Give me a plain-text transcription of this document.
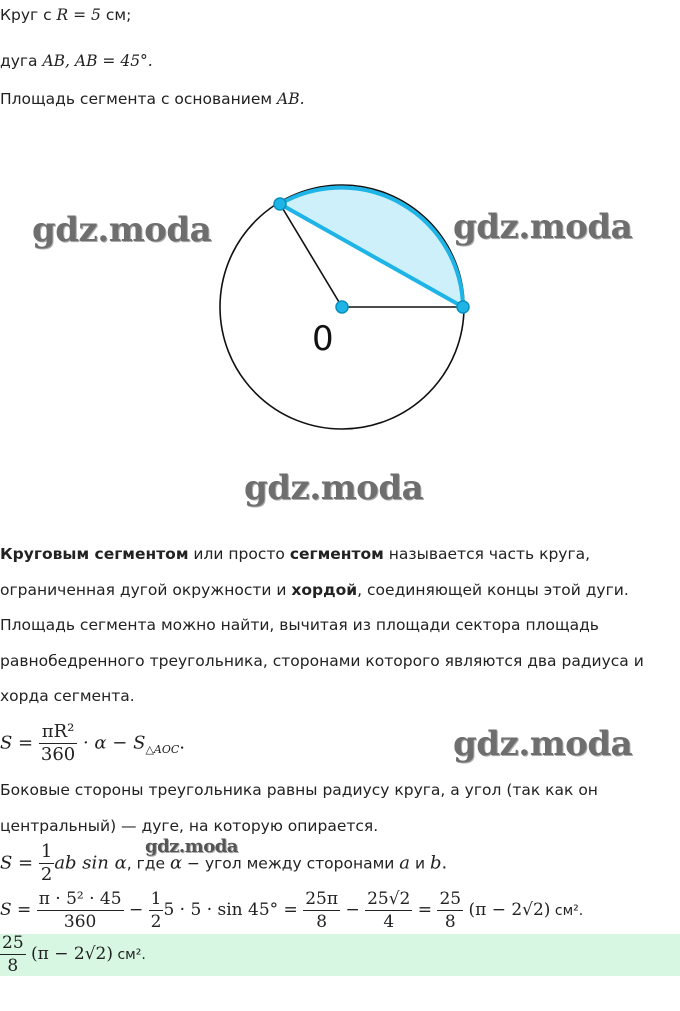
Круг с R = 5 см;
дуга AB, AB = 45°.
Площадь сегмента с основанием AB.
0
gdz.moda	gdz.moda
gdz.moda
gdz.moda
gdz.moda
Круговым сегментом или просто сегментом называется часть круга,
ограниченная дугой окружности и хордой, соединяющей концы этой дуги.
Площадь сегмента можно найти, вычитая из площади сектора площадь
равнобедренного треугольника, сторонами которого являются два радиуса и
хорда сегмента.
$S = \frac{\text{πR²}}{360} \cdot \alpha - S_{\triangle AOC}$.
Боковые стороны треугольника равны радиусу круга, а угол (так как он
центральный) — дуге, на которую опирается.
$S = \frac{1}{2}$ ab sin α, где α − угол между сторонами a и b.
$S = \frac{\text{π · 5² · 45}}{360} - \frac{1}{2} 5 \cdot 5 \cdot \sin 45^\circ = \frac{25\pi}{8} - \frac{25√2}{4} = \frac{25}{8} (\pi - 2√2)$ см².
$\frac{25}{8} (\pi - 2√2)$ см².
